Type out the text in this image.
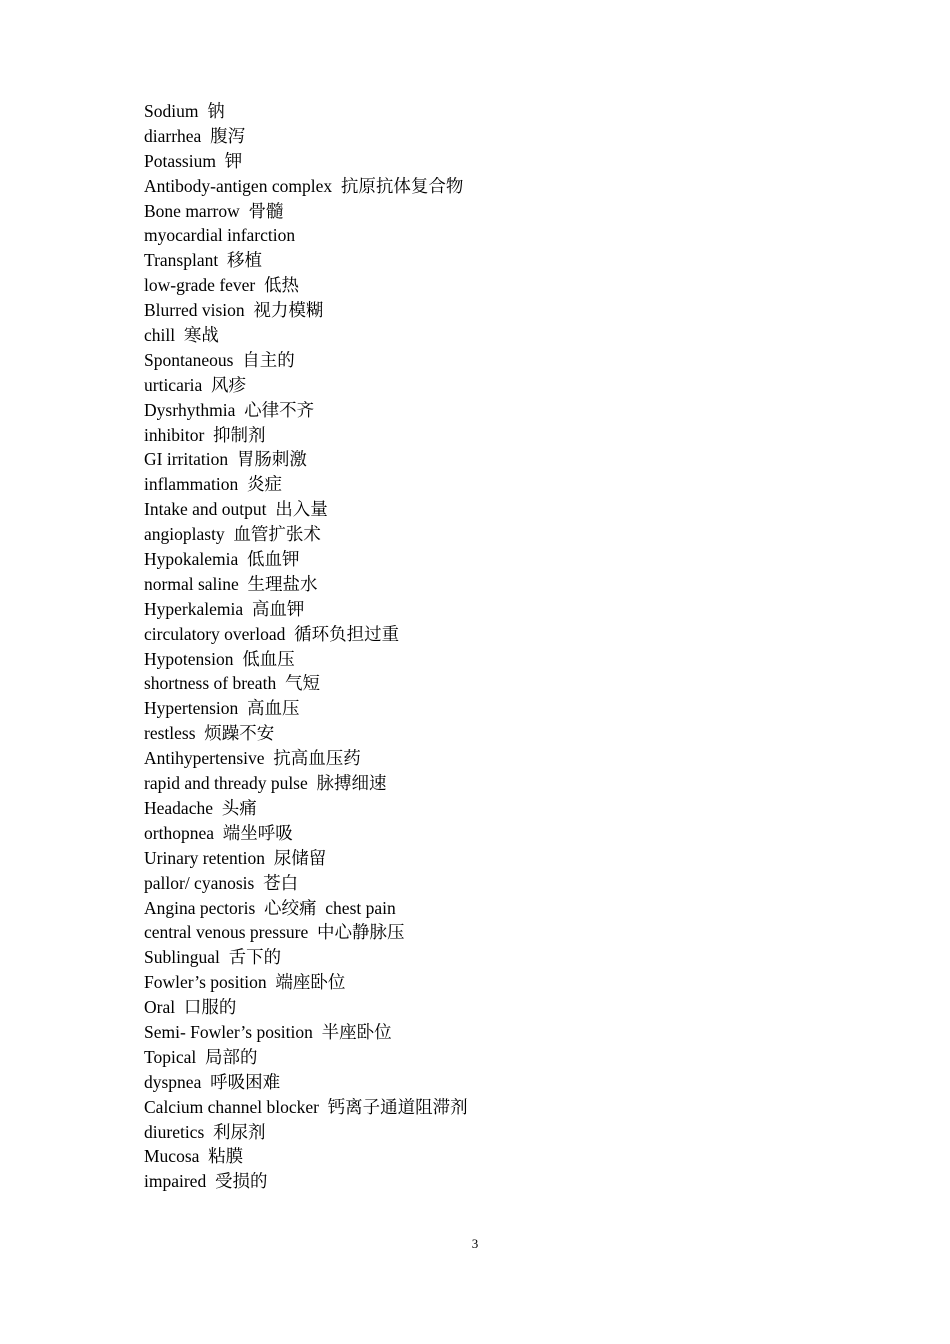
Sodium  钠
diarrhea  腹泻
Potassium  钾
Antibody-antigen complex  抗原抗体复合物
Bone marrow  骨髓
myocardial infarction
Transplant  移植
low-grade fever  低热
Blurred vision  视力模糊
chill  寒战
Spontaneous  自主的
urticaria  风疹
Dysrhythmia  心律不齐
inhibitor  抑制剂
GI irritation  胃肠刺激
inflammation  炎症
Intake and output  出入量
angioplasty  血管扩张术
Hypokalemia  低血钾
normal saline  生理盐水
Hyperkalemia  高血钾
circulatory overload  循环负担过重
Hypotension  低血压
shortness of breath  气短
Hypertension  高血压
restless  烦躁不安
Antihypertensive  抗高血压药
rapid and thready pulse  脉搏细速
Headache  头痛
orthopnea  端坐呼吸
Urinary retention  尿储留
pallor/ cyanosis  苍白
Angina pectoris  心绞痛  chest pain
central venous pressure  中心静脉压
Sublingual  舌下的
Fowler’s position  端座卧位
Oral  口服的
Semi- Fowler’s position  半座卧位
Topical  局部的
dyspnea  呼吸困难
Calcium channel blocker  钙离子通道阻滞剂
diuretics  利尿剂
Mucosa  粘膜
impaired  受损的
3
